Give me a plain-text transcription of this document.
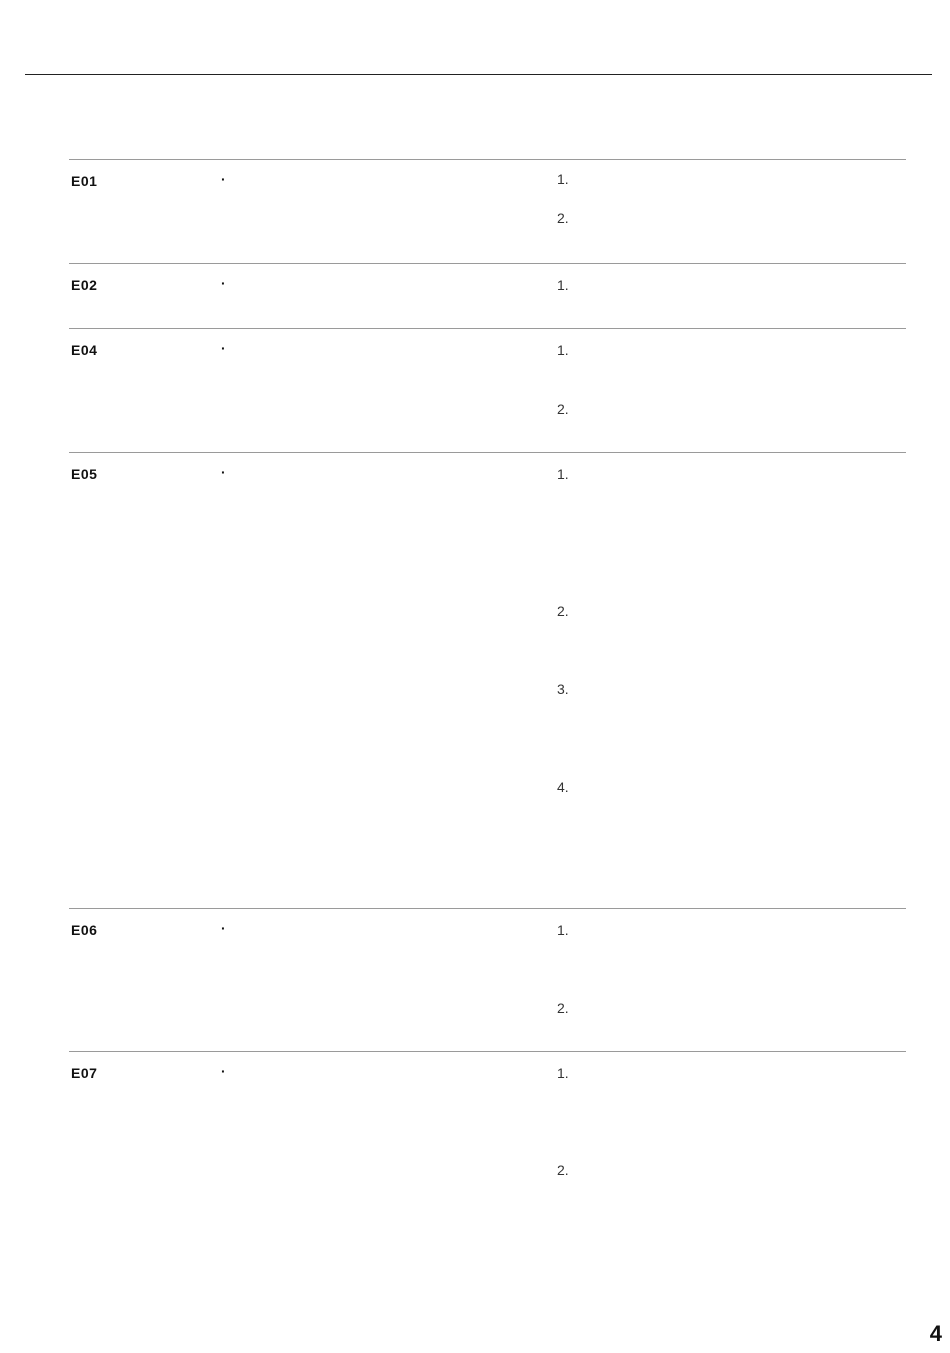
E01	·	1.
2.
E02	·	1.
E04	·	1.
2.
E05	·	1.
2.
3.
4.
E06	·	1.
2.
E07	·	1.
2.
4
